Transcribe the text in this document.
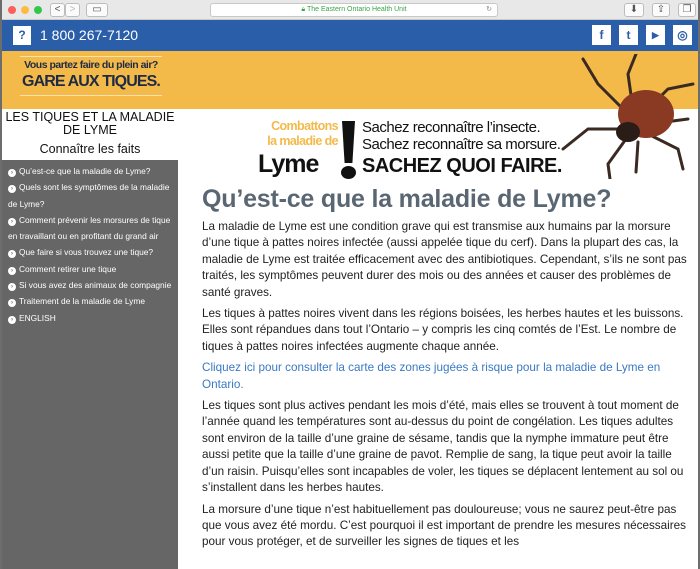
< >	▭	🔒︎ The Eastern Ontario Health Unit	↻	⬇	⇪	❐
?	1 800 267-7120	f	t	▶	◎
Vous partez faire du plein air?
GARE AUX TIQUES.
LES TIQUES ET LA MALADIE DE LYME
Connaître les faits
› Qu’est-ce que la maladie de Lyme?
› Quels sont les symptômes de la maladie de Lyme?
› Comment prévenir les morsures de tique en travaillant ou en profitant du grand air
› Que faire si vous trouvez une tique?
› Comment retirer une tique
› Si vous avez des animaux de compagnie
› Traitement de la maladie de Lyme
› ENGLISH
Combattons
la maladie de
Lyme
Sachez reconnaître l’insecte.
Sachez reconnaître sa morsure.
SACHEZ QUOI FAIRE.
Qu’est-ce que la maladie de Lyme?

La maladie de Lyme est une condition grave qui est transmise aux humains par la morsure d’une tique à pattes noires infectée (aussi appelée tique du cerf). Dans la plupart des cas, la maladie de Lyme est traitée efficacement avec des antibiotiques. Cependant, s’ils ne sont pas traités, les symptômes peuvent durer des mois ou des années et causer des problèmes de santé graves.

Les tiques à pattes noires vivent dans les régions boisées, les herbes hautes et les buissons. Elles sont répandues dans tout l’Ontario – y compris les cinq comtés de l’Est. Le nombre de tiques à pattes noires infectées augmente chaque année.

Cliquez ici pour consulter la carte des zones jugées à risque pour la maladie de Lyme en Ontario.

Les tiques sont plus actives pendant les mois d’été, mais elles se trouvent à tout moment de l’année quand les températures sont au-dessus du point de congélation. Les tiques adultes sont environ de la taille d’une graine de sésame, tandis que la nymphe immature peut être aussi petite que la taille d’une graine de pavot. Remplie de sang, la tique peut avoir la taille d’un raisin. Puisqu’elles sont incapables de voler, les tiques se déplacent lentement au sol ou s’installent dans les herbes hautes.

La morsure d’une tique n’est habituellement pas douloureuse; vous ne saurez peut-être pas que vous avez été mordu. C’est pourquoi il est important de prendre les mesures nécessaires pour vous protéger, et de surveiller les signes de tiques et les
